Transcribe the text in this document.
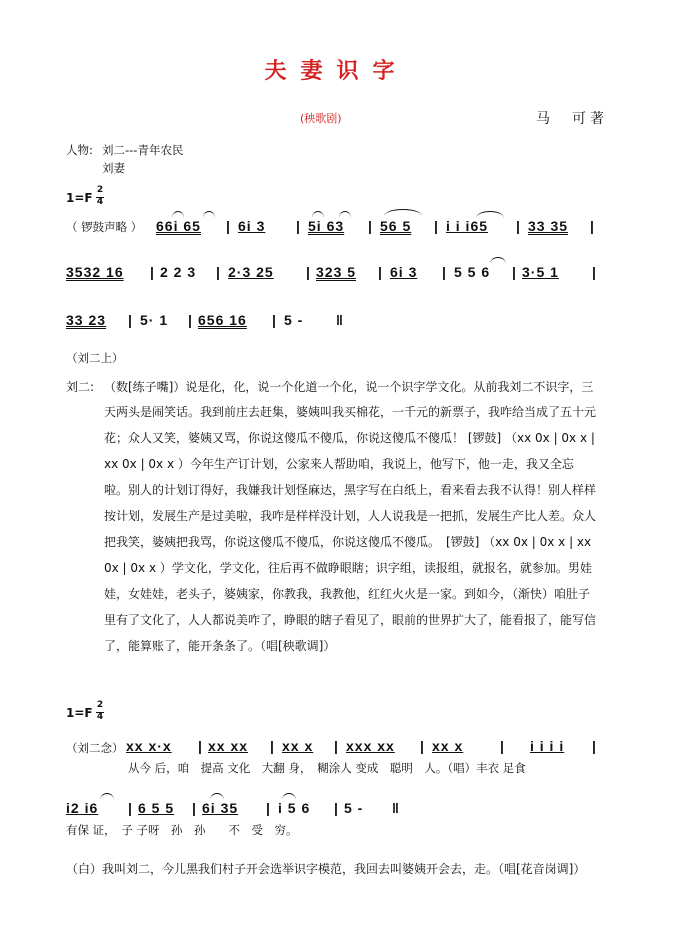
夫妻识字
(秧歌剧)	马　可著
人物: 刘二---青年农民
刘妻
1=F
2
4
（ 锣鼓声略 ） 66i 65 | 6i 3 | 5i 63 | 56 5 | i i i65 | 33 35 |
3532 16 | 2 2 3 | 2·3 25 | 323 5 | 6i 3 | 5 5 6 | 3·5 1 |
33 23 | 5· 1 | 656 16 | 5 - ‖
（刘二上）
刘二: （数[练子嘴]）说是化，化，说一个化道一个化，说一个识字学文化。从前我刘二不识字，三
天两头是闹笑话。我到前庄去赶集，婆姨叫我买棉花，一千元的新票子，我咋给当成了五十元花；众人又笑，婆姨又骂，你说这傻瓜不傻瓜，你说这傻瓜不傻瓜！ [锣鼓] （xx 0x | 0x x | xx 0x | 0x x ）今年生产订计划，公家来人帮助咱，我说上，他写下，他一走，我又全忘啦。别人的计划订得好，我嫌我计划怪麻达，黑字写在白纸上，看来看去我不认得！别人样样按计划，发展生产是过美啦，我咋是样样没计划，人人说我是一把抓，发展生产比人差。众人把我笑，婆姨把我骂，你说这傻瓜不傻瓜，你说这傻瓜不傻瓜。　[锣鼓] （xx 0x | 0x x | xx 0x | 0x x ）学文化，学文化，往后再不做睁眼瞎；识字组，读报组，就报名，就参加。男娃娃，女娃娃，老头子，婆姨家，你教我，我教他，红红火火是一家。到如今，（渐快）咱肚子里有了文化了，人人都说美咋了，睁眼的瞎子看见了，眼前的世界扩大了，能看报了，能写信了，能算账了，能开条条了。（唱[秧歌调]）
1=F
2
4
（刘二念） xx x·x | xx xx | xx x | xxx xx | xx x	| i i i i |
从今 后，咱　提高 文化　大翻 身，　糊涂人 变成　聪明　人。（唱）丰衣 足食
i2 i6 | 6 5 5 | 6i 35 | i 5 6 | 5 - ‖
有保 证，　子 子呀　孙　孙　　不　受　穷。
（白）我叫刘二，今儿黑我们村子开会选举识字模范，我回去叫婆姨开会去，走。（唱[花音岗调]）
